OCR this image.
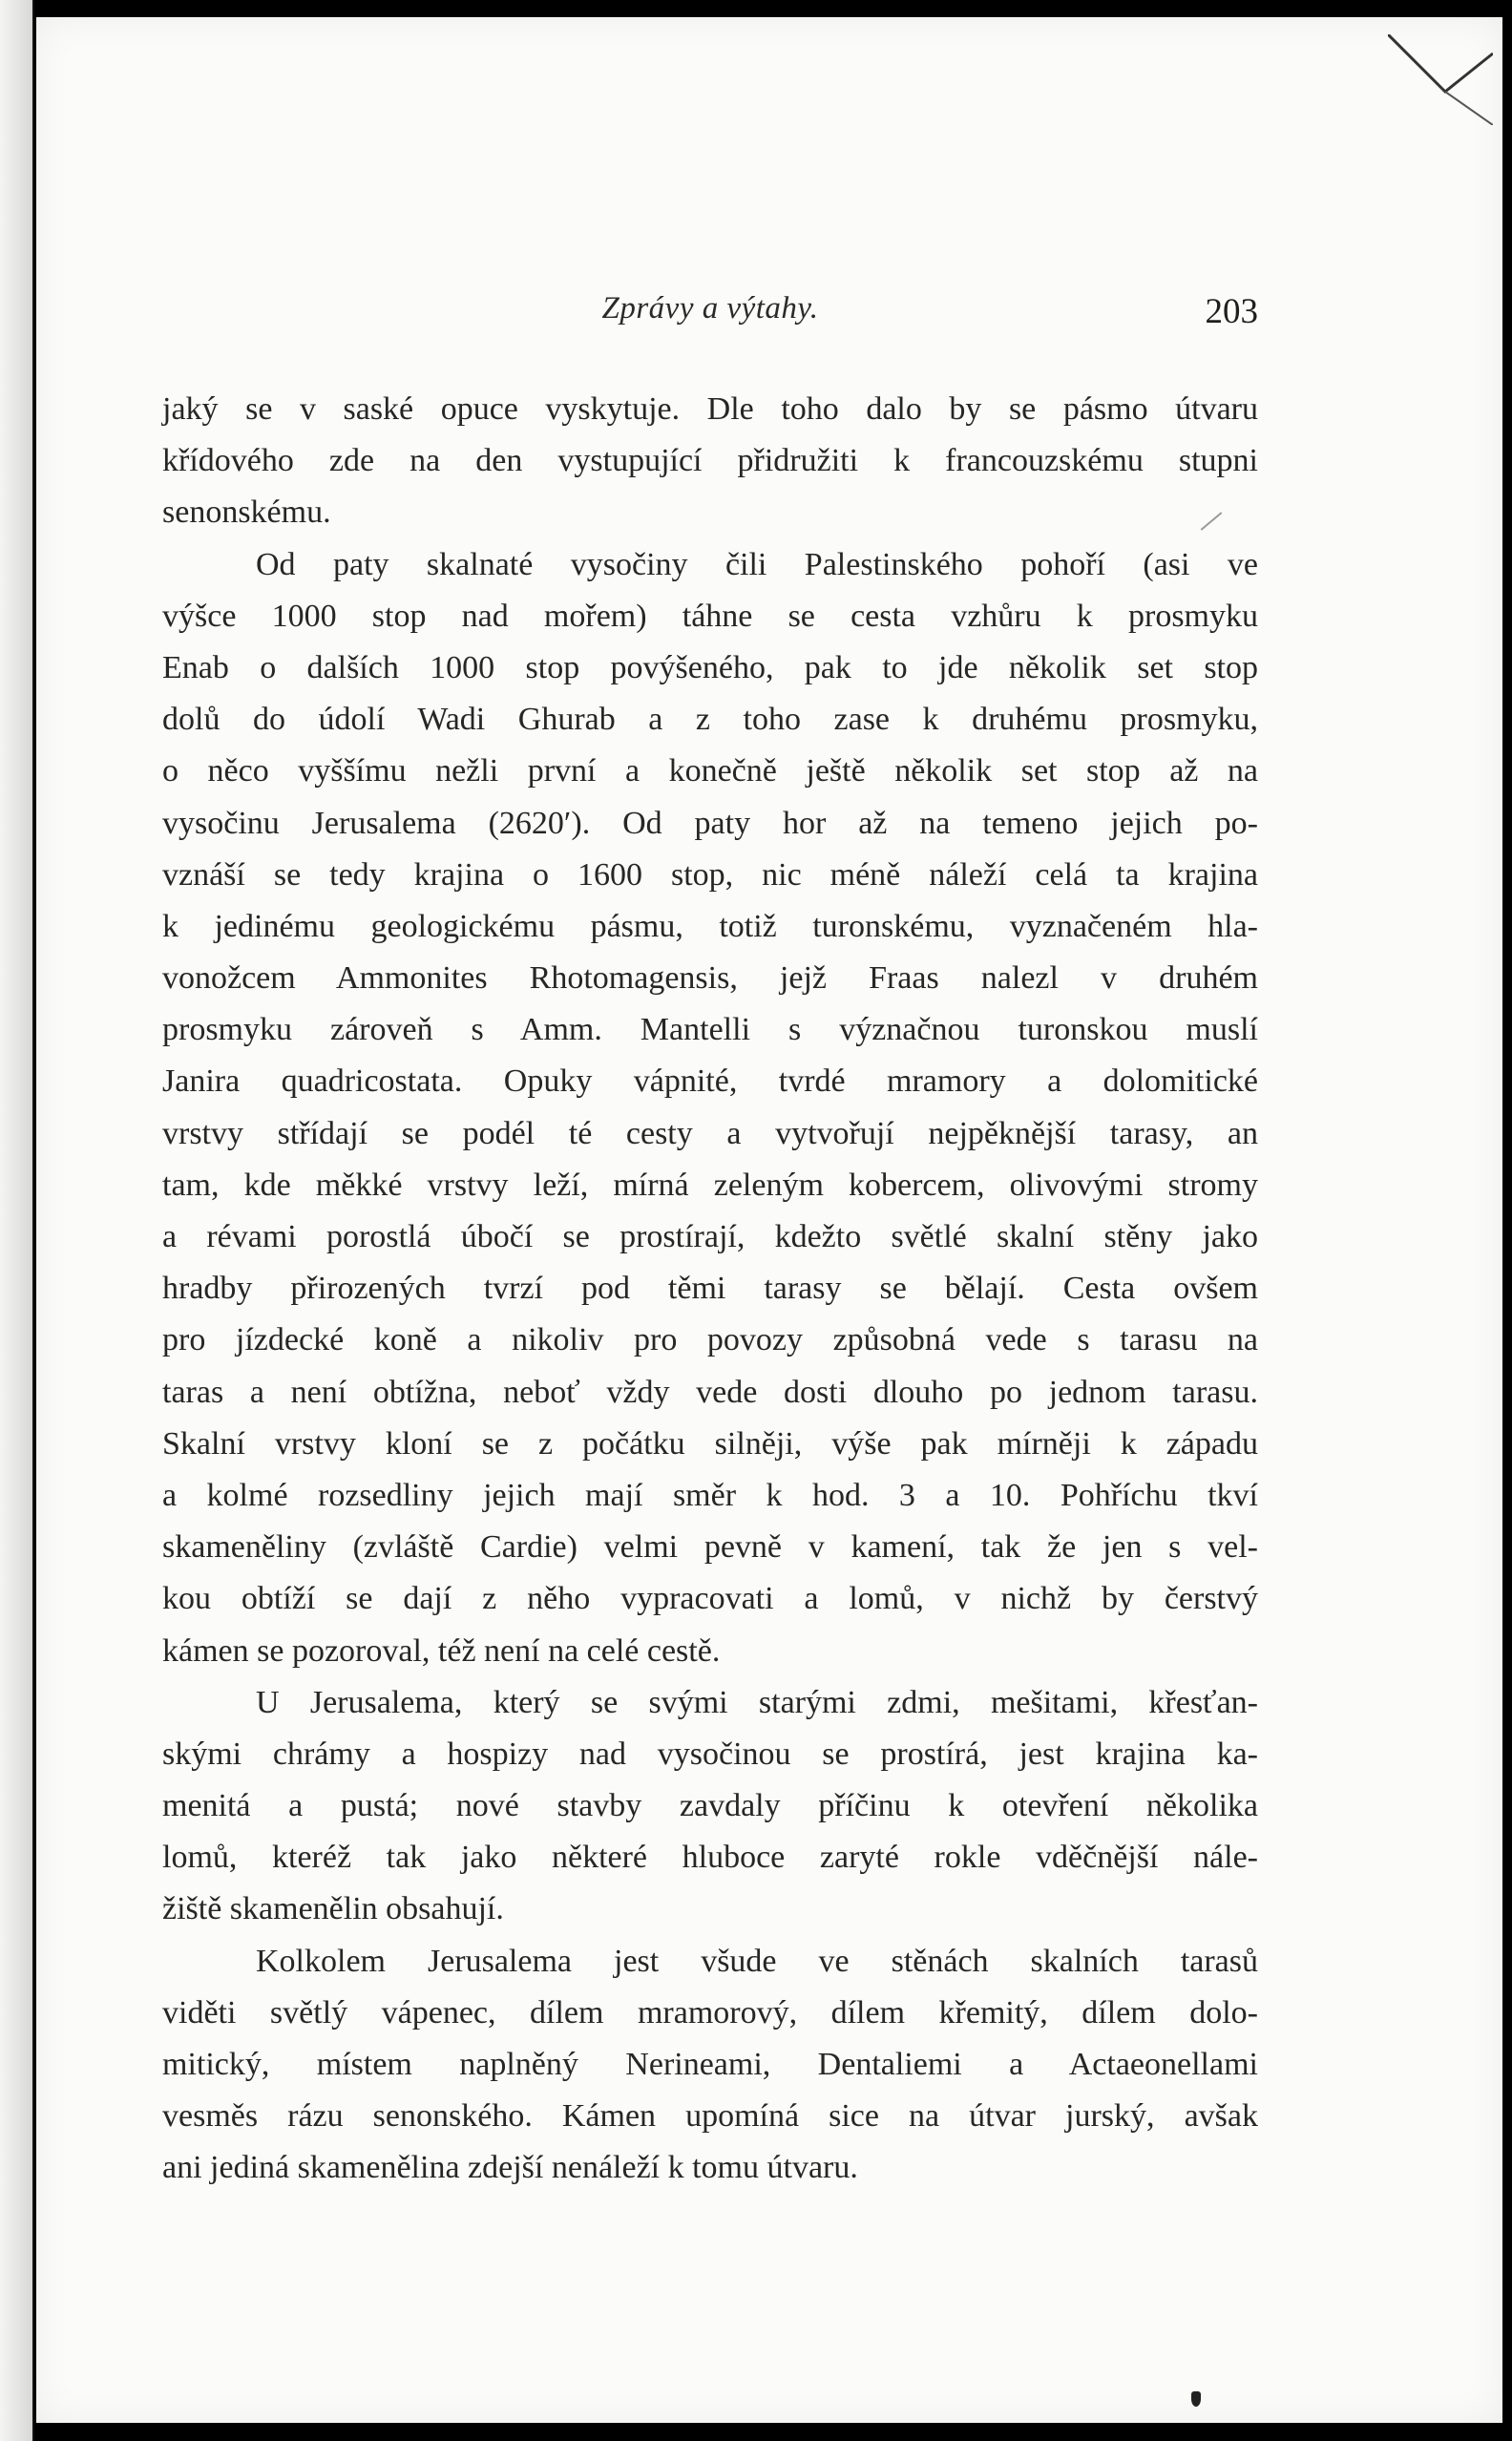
Zprávy a výtahy.	203
jaký se v saské opuce vyskytuje. Dle toho dalo by se pásmo útvaru
křídového zde na den vystupující přidružiti k francouzskému stupni
senonskému.
Od paty skalnaté vysočiny čili Palestinského pohoří (asi ve
výšce 1000 stop nad mořem) táhne se cesta vzhůru k prosmyku
Enab o dalších 1000 stop povýšeného, pak to jde několik set stop
dolů do údolí Wadi Ghurab a z toho zase k druhému prosmyku,
o něco vyššímu nežli první a konečně ještě několik set stop až na
vysočinu Jerusalema (2620′). Od paty hor až na temeno jejich po-
vznáší se tedy krajina o 1600 stop, nic méně náleží celá ta krajina
k jedinému geologickému pásmu, totiž turonskému, vyznačeném hla-
vonožcem Ammonites Rhotomagensis, jejž Fraas nalezl v druhém
prosmyku zároveň s Amm. Mantelli s význačnou turonskou muslí
Janira quadricostata. Opuky vápnité, tvrdé mramory a dolomitické
vrstvy střídají se podél té cesty a vytvořují nejpěknější tarasy, an
tam, kde měkké vrstvy leží, mírná zeleným kobercem, olivovými stromy
a révami porostlá úbočí se prostírají, kdežto světlé skalní stěny jako
hradby přirozených tvrzí pod těmi tarasy se bělají. Cesta ovšem
pro jízdecké koně a nikoliv pro povozy způsobná vede s tarasu na
taras a není obtížna, neboť vždy vede dosti dlouho po jednom tarasu.
Skalní vrstvy kloní se z počátku silněji, výše pak mírněji k západu
a kolmé rozsedliny jejich mají směr k hod. 3 a 10. Pohříchu tkví
skameněliny (zvláště Cardie) velmi pevně v kamení, tak že jen s vel-
kou obtíží se dají z něho vypracovati a lomů, v nichž by čerstvý
kámen se pozoroval, též není na celé cestě.
U Jerusalema, který se svými starými zdmi, mešitami, křesťan-
skými chrámy a hospizy nad vysočinou se prostírá, jest krajina ka-
menitá a pustá; nové stavby zavdaly příčinu k otevření několika
lomů, kteréž tak jako některé hluboce zaryté rokle vděčnější nále-
žiště skamenělin obsahují.
Kolkolem Jerusalema jest všude ve stěnách skalních tarasů
viděti světlý vápenec, dílem mramorový, dílem křemitý, dílem dolo-
mitický, místem naplněný Nerineami, Dentaliemi a Actaeonellami
vesměs rázu senonského. Kámen upomíná sice na útvar jurský, avšak
ani jediná skamenělina zdejší nenáleží k tomu útvaru.
